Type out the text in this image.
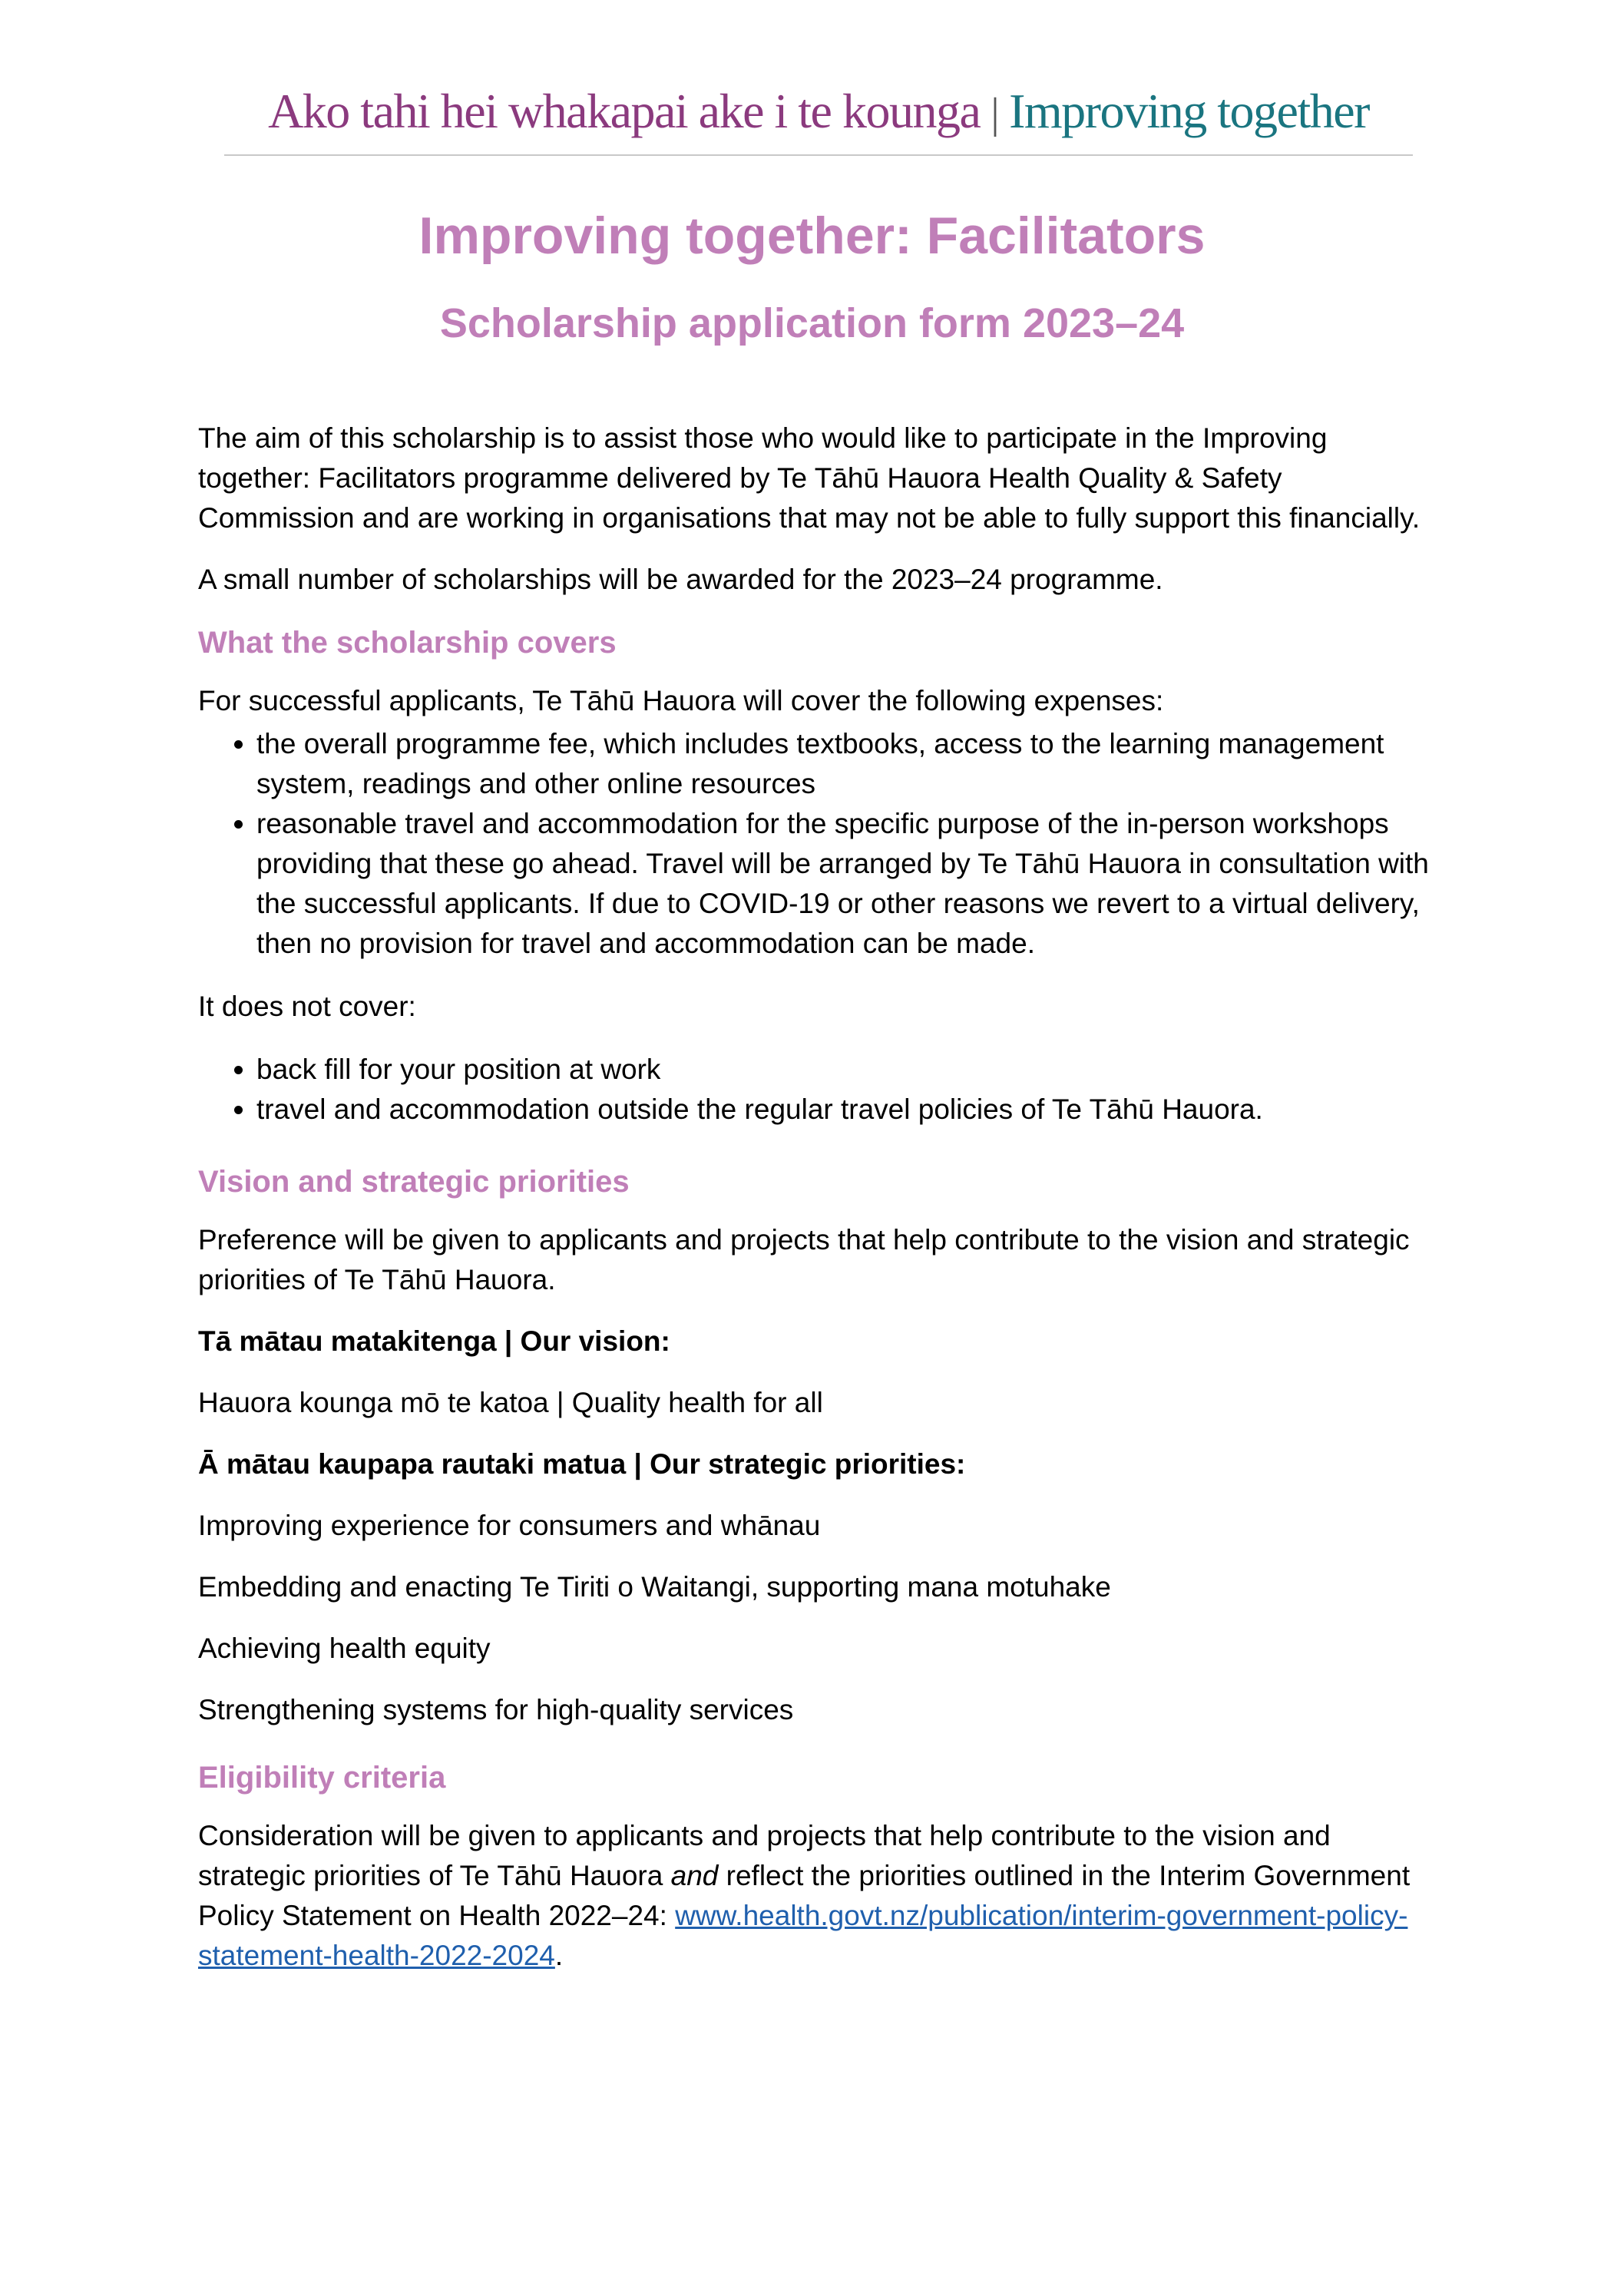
Ako tahi hei whakapai ake i te kounga | Improving together
Improving together: Facilitators
Scholarship application form 2023–24

The aim of this scholarship is to assist those who would like to participate in the Improving together: Facilitators programme delivered by Te Tāhū Hauora Health Quality & Safety Commission and are working in organisations that may not be able to fully support this financially.

A small number of scholarships will be awarded for the 2023–24 programme.

What the scholarship covers

For successful applicants, Te Tāhū Hauora will cover the following expenses:

• the overall programme fee, which includes textbooks, access to the learning management system, readings and other online resources
• reasonable travel and accommodation for the specific purpose of the in-person workshops providing that these go ahead. Travel will be arranged by Te Tāhū Hauora in consultation with the successful applicants. If due to COVID-19 or other reasons we revert to a virtual delivery, then no provision for travel and accommodation can be made.

It does not cover:

• back fill for your position at work
• travel and accommodation outside the regular travel policies of Te Tāhū Hauora.
Vision and strategic priorities

Preference will be given to applicants and projects that help contribute to the vision and strategic priorities of Te Tāhū Hauora.

Tā mātau matakitenga | Our vision:

Hauora kounga mō te katoa | Quality health for all

Ā mātau kaupapa rautaki matua | Our strategic priorities:

Improving experience for consumers and whānau

Embedding and enacting Te Tiriti o Waitangi, supporting mana motuhake

Achieving health equity

Strengthening systems for high-quality services

Eligibility criteria

Consideration will be given to applicants and projects that help contribute to the vision and strategic priorities of Te Tāhū Hauora and reflect the priorities outlined in the Interim Government Policy Statement on Health 2022–24: www.health.govt.nz/publication/interim-government-policy-statement-health-2022-2024.
